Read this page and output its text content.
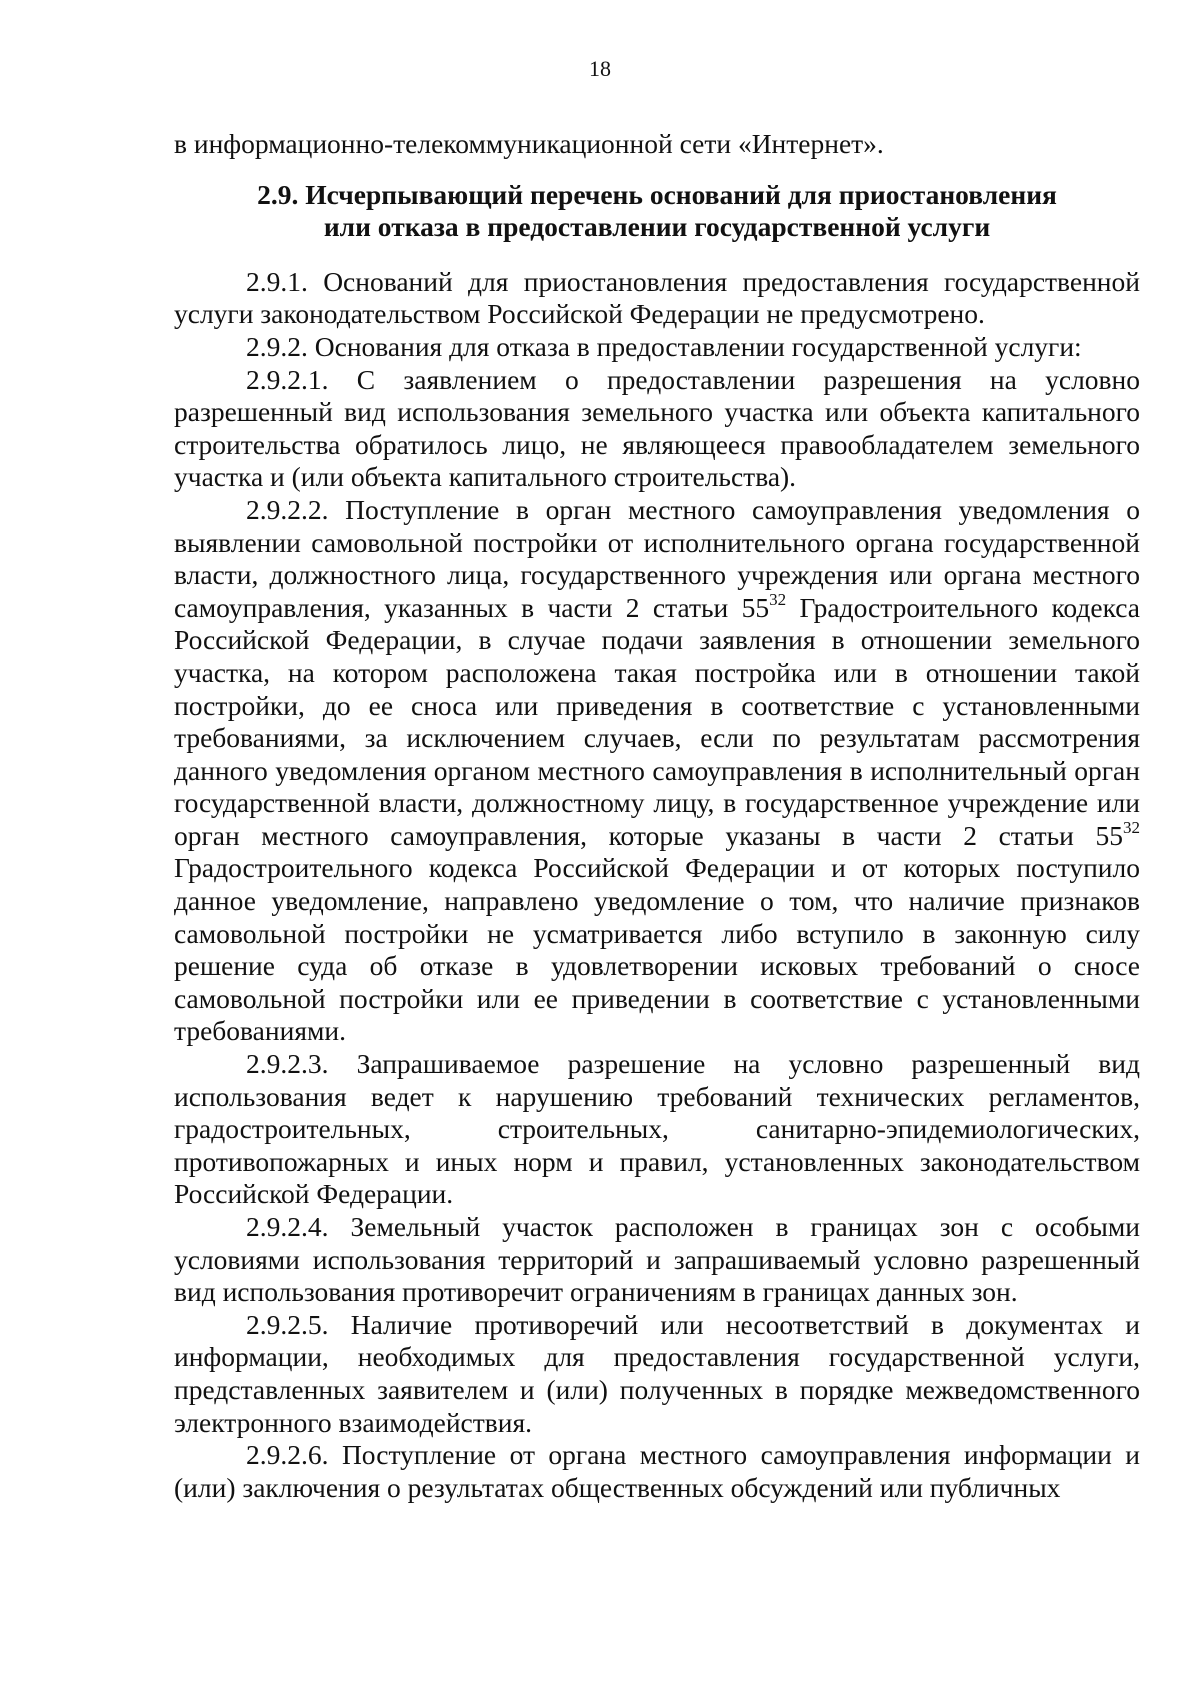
18

в информационно-телекоммуникационной сети «Интернет».

2.9. Исчерпывающий перечень оснований для приостановления
или отказа в предоставлении государственной услуги

2.9.1. Оснований для приостановления предоставления государственной услуги законодательством Российской Федерации не предусмотрено.

2.9.2. Основания для отказа в предоставлении государственной услуги:

2.9.2.1. С заявлением о предоставлении разрешения на условно разрешенный вид использования земельного участка или объекта капитального строительства обратилось лицо, не являющееся правообладателем земельного участка и (или объекта капитального строительства).

2.9.2.2. Поступление в орган местного самоуправления уведомления о выявлении самовольной постройки от исполнительного органа государственной власти, должностного лица, государственного учреждения или органа местного самоуправления, указанных в части 2 статьи $55^{32}$ Градостроительного кодекса Российской Федерации, в случае подачи заявления в отношении земельного участка, на котором расположена такая постройка или в отношении такой постройки, до ее сноса или приведения в соответствие с установленными требованиями, за исключением случаев, если по результатам рассмотрения данного уведомления органом местного самоуправления в исполнительный орган государственной власти, должностному лицу, в государственное учреждение или орган местного самоуправления, которые указаны в части 2 статьи $55^{32}$ Градостроительного кодекса Российской Федерации и от которых поступило данное уведомление, направлено уведомление о том, что наличие признаков самовольной постройки не усматривается либо вступило в законную силу решение суда об отказе в удовлетворении исковых требований о сносе самовольной постройки или ее приведении в соответствие с установленными требованиями.

2.9.2.3. Запрашиваемое разрешение на условно разрешенный вид использования ведет к нарушению требований технических регламентов, градостроительных, строительных, санитарно-эпидемиологических, противопожарных и иных норм и правил, установленных законодательством Российской Федерации.

2.9.2.4. Земельный участок расположен в границах зон с особыми условиями использования территорий и запрашиваемый условно разрешенный вид использования противоречит ограничениям в границах данных зон.

2.9.2.5. Наличие противоречий или несоответствий в документах и информации, необходимых для предоставления государственной услуги, представленных заявителем и (или) полученных в порядке межведомственного электронного взаимодействия.

2.9.2.6. Поступление от органа местного самоуправления информации и (или) заключения о результатах общественных обсуждений или публичных
